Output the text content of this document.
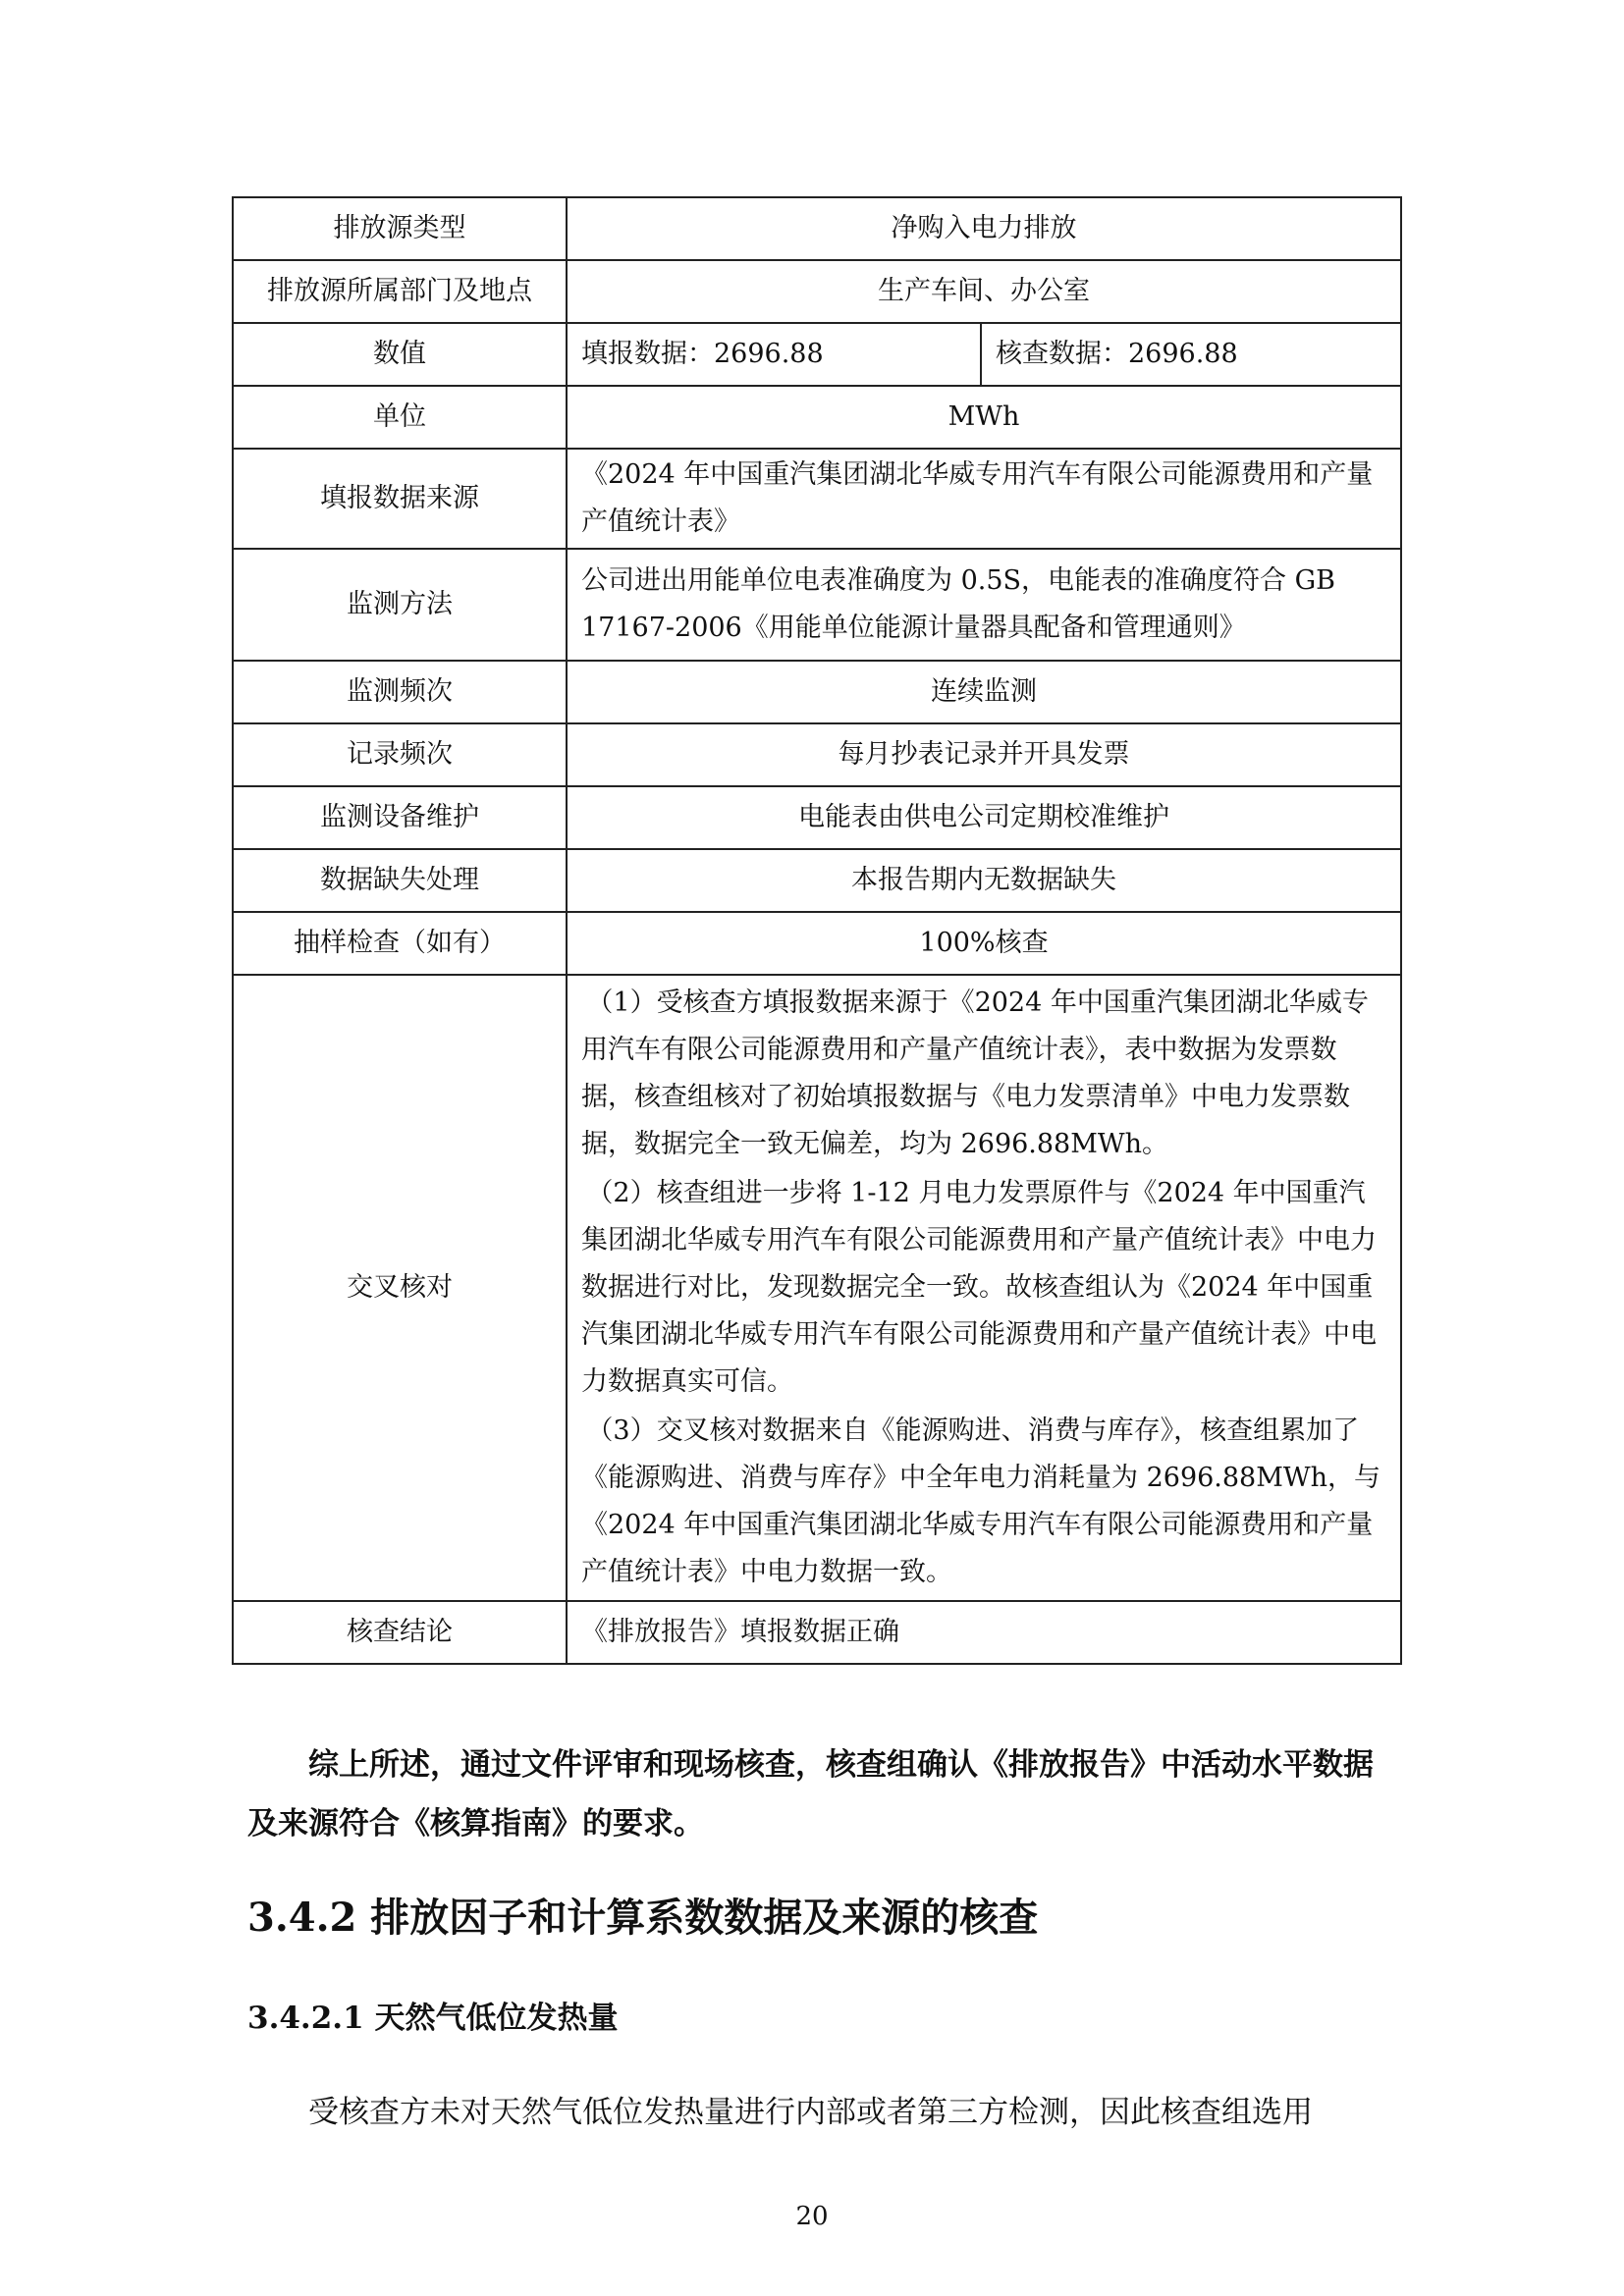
排放源类型	净购入电力排放	
排放源所属部门及地点	生产车间、办公室	
数值	填报数据：2696.88	核查数据：2696.88
单位	MWh	
填报数据来源	《2024 年中国重汽集团湖北华威专用汽车有限公司能源费用和产量产值统计表》	
监测方法	公司进出用能单位电表准确度为 0.5S，电能表的准确度符合 GB 17167-2006《用能单位能源计量器具配备和管理通则》	
监测频次	连续监测	
记录频次	每月抄表记录并开具发票	
监测设备维护	电能表由供电公司定期校准维护	
数据缺失处理	本报告期内无数据缺失	
抽样检查（如有）	100%核查	
交叉核对	（1）受核查方填报数据来源于《2024 年中国重汽集团湖北华威专用汽车有限公司能源费用和产量产值统计表》，表中数据为发票数据，核查组核对了初始填报数据与《电力发票清单》中电力发票数据，数据完全一致无偏差，均为 2696.88MWh。

（2）核查组进一步将 1-12 月电力发票原件与《2024 年中国重汽集团湖北华威专用汽车有限公司能源费用和产量产值统计表》中电力数据进行对比，发现数据完全一致。故核查组认为《2024 年中国重汽集团湖北华威专用汽车有限公司能源费用和产量产值统计表》中电力数据真实可信。

（3）交叉核对数据来自《能源购进、消费与库存》，核查组累加了《能源购进、消费与库存》中全年电力消耗量为 2696.88MWh，与《2024 年中国重汽集团湖北华威专用汽车有限公司能源费用和产量产值统计表》中电力数据一致。	

核查结论	《排放报告》填报数据正确	
综上所述，通过文件评审和现场核查，核查组确认《排放报告》中活动水平数据及来源符合《核算指南》的要求。
3.4.2 排放因子和计算系数数据及来源的核查
3.4.2.1 天然气低位发热量
受核查方未对天然气低位发热量进行内部或者第三方检测，因此核查组选用
20
